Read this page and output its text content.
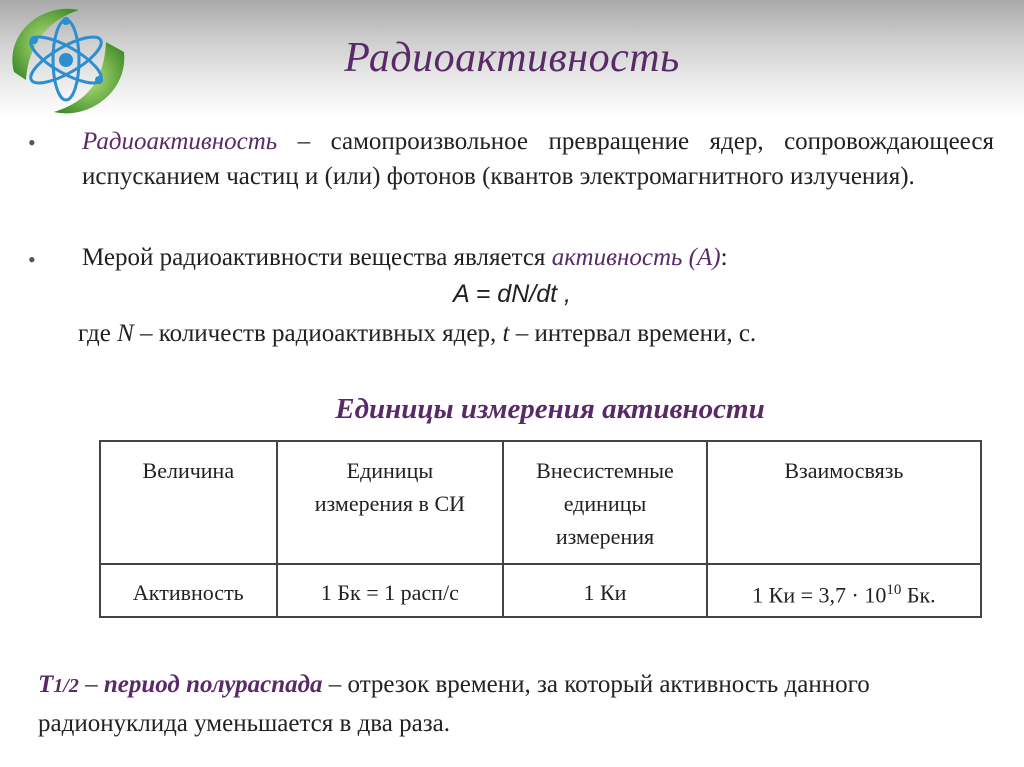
Радиоактивность
• Радиоактивность – самопроизвольное превращение ядер, сопровождающееся испусканием частиц и (или) фотонов (квантов электромагнитного излучения).
• Мерой радиоактивности вещества является активность (А):
A = dN/dt ,
где N – количеств радиоактивных ядер, t – интервал времени, с.
Единицы измерения активности
Величина	Единицы измерения в СИ	Внесистемные единицы измерения	Взаимосвязь
Активность	1 Бк = 1 расп/с	1 Ки	1 Ки = $3,7 \cdot 10^{10}$ Бк.
Т1/2 – период полураспада – отрезок времени, за который активность данного радионуклида уменьшается в два раза.
